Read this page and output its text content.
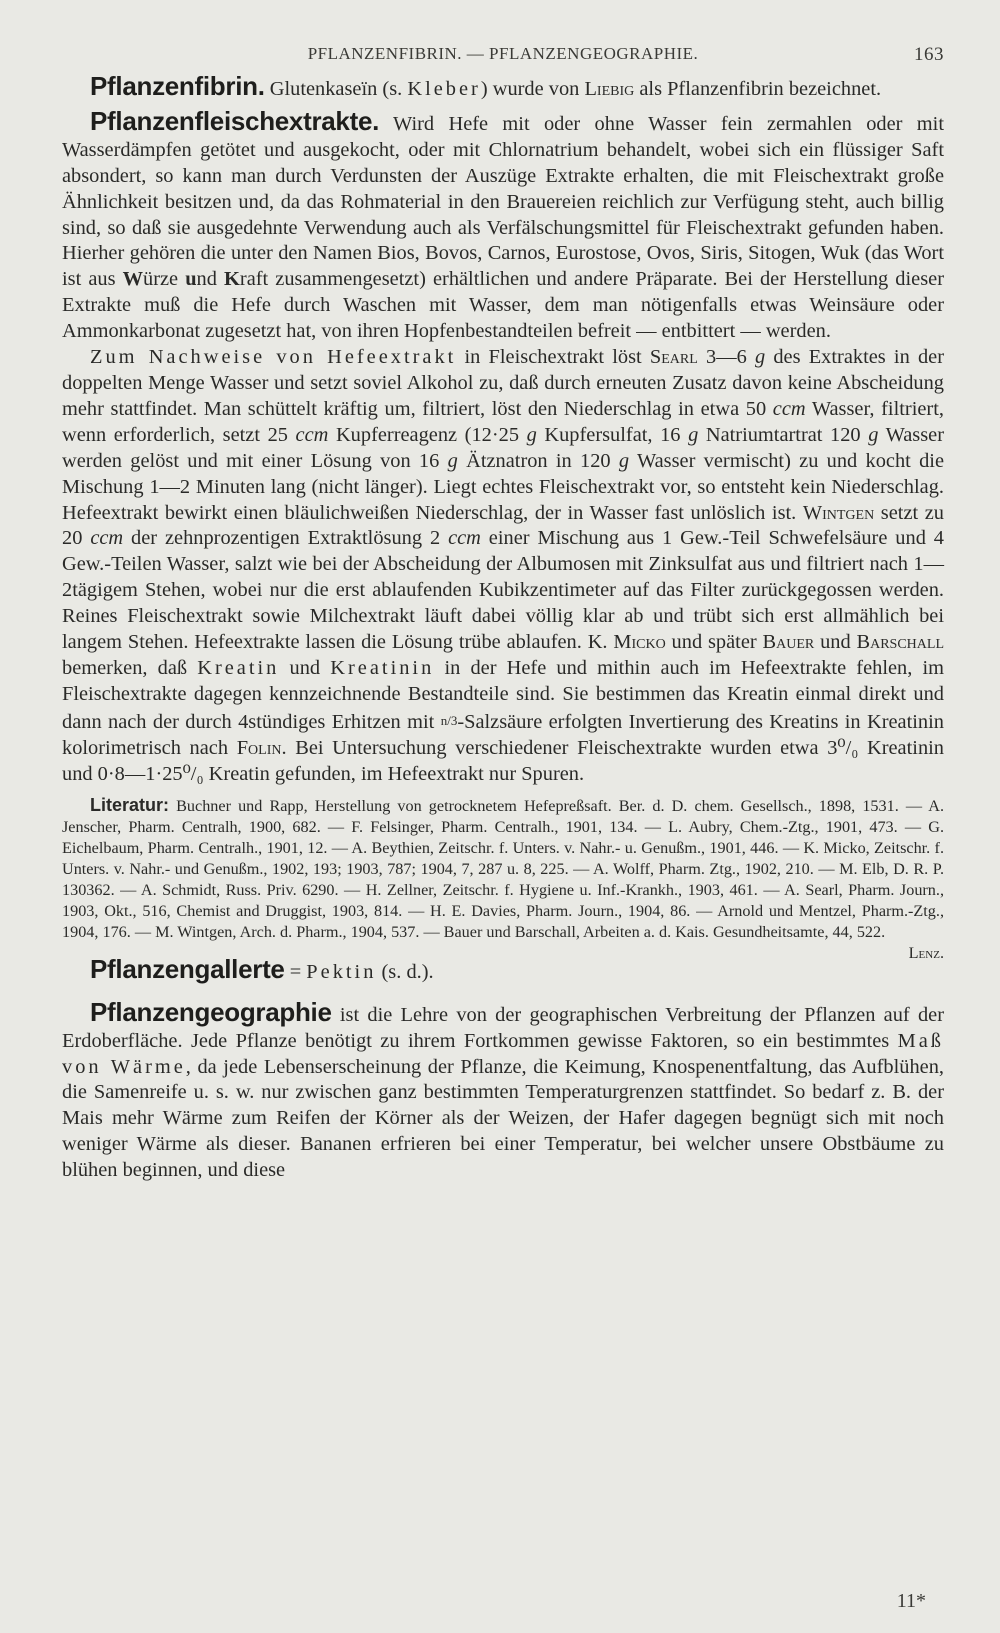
PFLANZENFIBRIN. — PFLANZENGEOGRAPHIE.	163

Pflanzenfibrin. Glutenkaseïn (s. Kleber) wurde von Liebig als Pflanzenfibrin bezeichnet.

Pflanzenfleischextrakte. Wird Hefe mit oder ohne Wasser fein zermahlen oder mit Wasserdämpfen getötet und ausgekocht, oder mit Chlornatrium behandelt, wobei sich ein flüssiger Saft absondert, so kann man durch Verdunsten der Auszüge Extrakte erhalten, die mit Fleischextrakt große Ähnlichkeit besitzen und, da das Rohmaterial in den Brauereien reichlich zur Verfügung steht, auch billig sind, so daß sie ausgedehnte Verwendung auch als Verfälschungsmittel für Fleischextrakt gefunden haben. Hierher gehören die unter den Namen Bios, Bovos, Carnos, Eurostose, Ovos, Siris, Sitogen, Wuk (das Wort ist aus Würze und Kraft zusammengesetzt) erhältlichen und andere Präparate. Bei der Herstellung dieser Extrakte muß die Hefe durch Waschen mit Wasser, dem man nötigenfalls etwas Weinsäure oder Ammonkarbonat zugesetzt hat, von ihren Hopfenbestandteilen befreit — entbittert — werden.

Zum Nachweise von Hefeextrakt in Fleischextrakt löst Searl 3—6 g des Extraktes in der doppelten Menge Wasser und setzt soviel Alkohol zu, daß durch erneuten Zusatz davon keine Abscheidung mehr stattfindet. Man schüttelt kräftig um, filtriert, löst den Niederschlag in etwa 50 ccm Wasser, filtriert, wenn erforderlich, setzt 25 ccm Kupferreagenz (12·25 g Kupfersulfat, 16 g Natriumtartrat 120 g Wasser werden gelöst und mit einer Lösung von 16 g Ätznatron in 120 g Wasser vermischt) zu und kocht die Mischung 1—2 Minuten lang (nicht länger). Liegt echtes Fleischextrakt vor, so entsteht kein Niederschlag. Hefeextrakt bewirkt einen bläulichweißen Niederschlag, der in Wasser fast unlöslich ist. Wintgen setzt zu 20 ccm der zehnprozentigen Extraktlösung 2 ccm einer Mischung aus 1 Gew.-Teil Schwefelsäure und 4 Gew.-Teilen Wasser, salzt wie bei der Abscheidung der Albumosen mit Zinksulfat aus und filtriert nach 1—2tägigem Stehen, wobei nur die erst ablaufenden Kubikzentimeter auf das Filter zurückgegossen werden. Reines Fleischextrakt sowie Milchextrakt läuft dabei völlig klar ab und trübt sich erst allmählich bei langem Stehen. Hefeextrakte lassen die Lösung trübe ablaufen. K. Micko und später Bauer und Barschall bemerken, daß Kreatin und Kreatinin in der Hefe und mithin auch im Hefeextrakte fehlen, im Fleischextrakte dagegen kennzeichnende Bestandteile sind. Sie bestimmen das Kreatin einmal direkt und dann nach der durch 4stündiges Erhitzen mit n/3-Salzsäure erfolgten Invertierung des Kreatins in Kreatinin kolorimetrisch nach Folin. Bei Untersuchung verschiedener Fleischextrakte wurden etwa 3⁰/₀ Kreatinin und 0·8—1·25⁰/₀ Kreatin gefunden, im Hefeextrakt nur Spuren.

Literatur: Buchner und Rapp, Herstellung von getrocknetem Hefepreßsaft. Ber. d. D. chem. Gesellsch., 1898, 1531. — A. Jenscher, Pharm. Centralh, 1900, 682. — F. Felsinger, Pharm. Centralh., 1901, 134. — L. Aubry, Chem.-Ztg., 1901, 473. — G. Eichelbaum, Pharm. Centralh., 1901, 12. — A. Beythien, Zeitschr. f. Unters. v. Nahr.- u. Genußm., 1901, 446. — K. Micko, Zeitschr. f. Unters. v. Nahr.- und Genußm., 1902, 193; 1903, 787; 1904, 7, 287 u. 8, 225. — A. Wolff, Pharm. Ztg., 1902, 210. — M. Elb, D. R. P. 130362. — A. Schmidt, Russ. Priv. 6290. — H. Zellner, Zeitschr. f. Hygiene u. Inf.-Krankh., 1903, 461. — A. Searl, Pharm. Journ., 1903, Okt., 516, Chemist and Druggist, 1903, 814. — H. E. Davies, Pharm. Journ., 1904, 86. — Arnold und Mentzel, Pharm.-Ztg., 1904, 176. — M. Wintgen, Arch. d. Pharm., 1904, 537. — Bauer und Barschall, Arbeiten a. d. Kais. Gesundheitsamte, 44, 522.
Lenz.

Pflanzengallerte = Pektin (s. d.).

Pflanzengeographie ist die Lehre von der geographischen Verbreitung der Pflanzen auf der Erdoberfläche. Jede Pflanze benötigt zu ihrem Fortkommen gewisse Faktoren, so ein bestimmtes Maß von Wärme, da jede Lebenserscheinung der Pflanze, die Keimung, Knospenentfaltung, das Aufblühen, die Samenreife u. s. w. nur zwischen ganz bestimmten Temperaturgrenzen stattfindet. So bedarf z. B. der Mais mehr Wärme zum Reifen der Körner als der Weizen, der Hafer dagegen begnügt sich mit noch weniger Wärme als dieser. Bananen erfrieren bei einer Temperatur, bei welcher unsere Obstbäume zu blühen beginnen, und diese

11*
